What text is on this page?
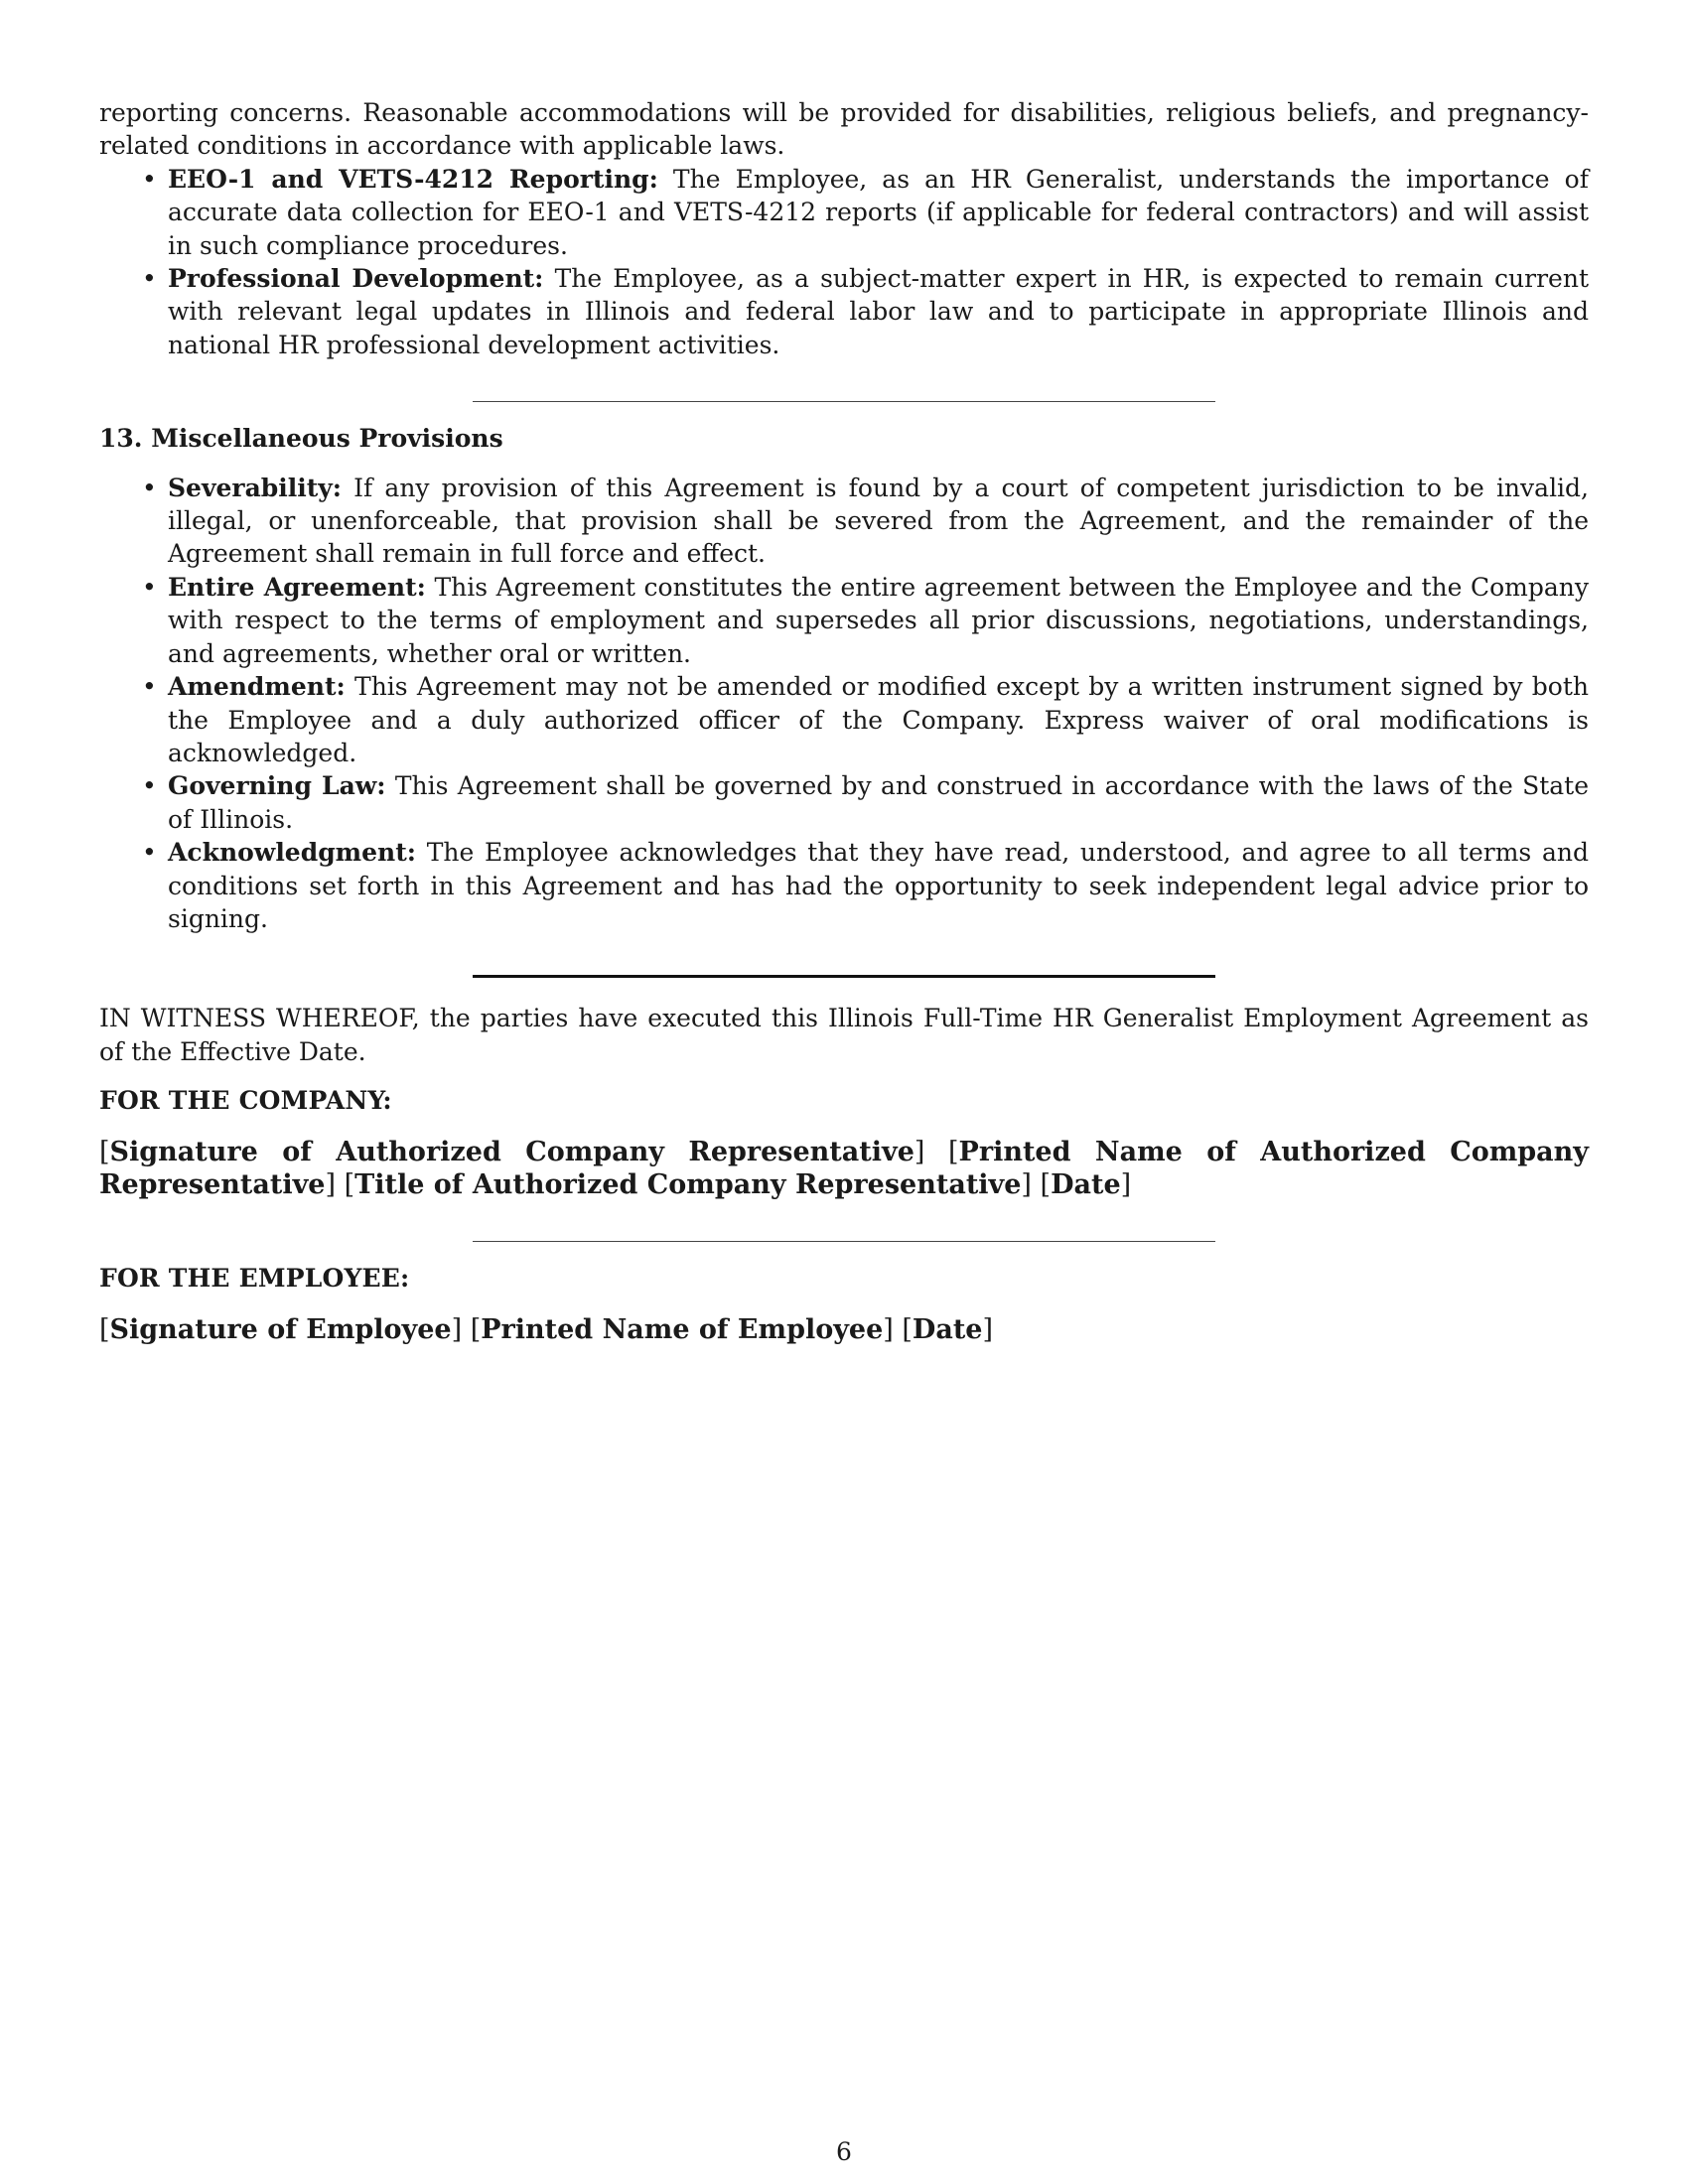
reporting concerns. Reasonable accommodations will be provided for disabilities, religious beliefs, and pregnancy-related conditions in accordance with applicable laws.

• EEO-1 and VETS-4212 Reporting: The Employee, as an HR Generalist, understands the importance of accurate data collection for EEO-1 and VETS-4212 reports (if applicable for federal contractors) and will assist in such compliance procedures.
• Professional Development: The Employee, as a subject-matter expert in HR, is expected to remain current with relevant legal updates in Illinois and federal labor law and to participate in appropriate Illinois and national HR professional development activities.
13. Miscellaneous Provisions
• Severability: If any provision of this Agreement is found by a court of competent jurisdiction to be invalid, illegal, or unenforceable, that provision shall be severed from the Agreement, and the remainder of the Agreement shall remain in full force and effect.
• Entire Agreement: This Agreement constitutes the entire agreement between the Employee and the Company with respect to the terms of employment and supersedes all prior discussions, negotiations, understandings, and agreements, whether oral or written.
• Amendment: This Agreement may not be amended or modified except by a written instrument signed by both the Employee and a duly authorized officer of the Company. Express waiver of oral modifications is acknowledged.
• Governing Law: This Agreement shall be governed by and construed in accordance with the laws of the State of Illinois.
• Acknowledgment: The Employee acknowledges that they have read, understood, and agree to all terms and conditions set forth in this Agreement and has had the opportunity to seek independent legal advice prior to signing.

IN WITNESS WHEREOF, the parties have executed this Illinois Full-Time HR Generalist Employment Agreement as of the Effective Date.

FOR THE COMPANY:

[Signature of Authorized Company Representative] [Printed Name of Authorized Company Representative] [Title of Authorized Company Representative] [Date]

FOR THE EMPLOYEE:

[Signature of Employee] [Printed Name of Employee] [Date]

6
